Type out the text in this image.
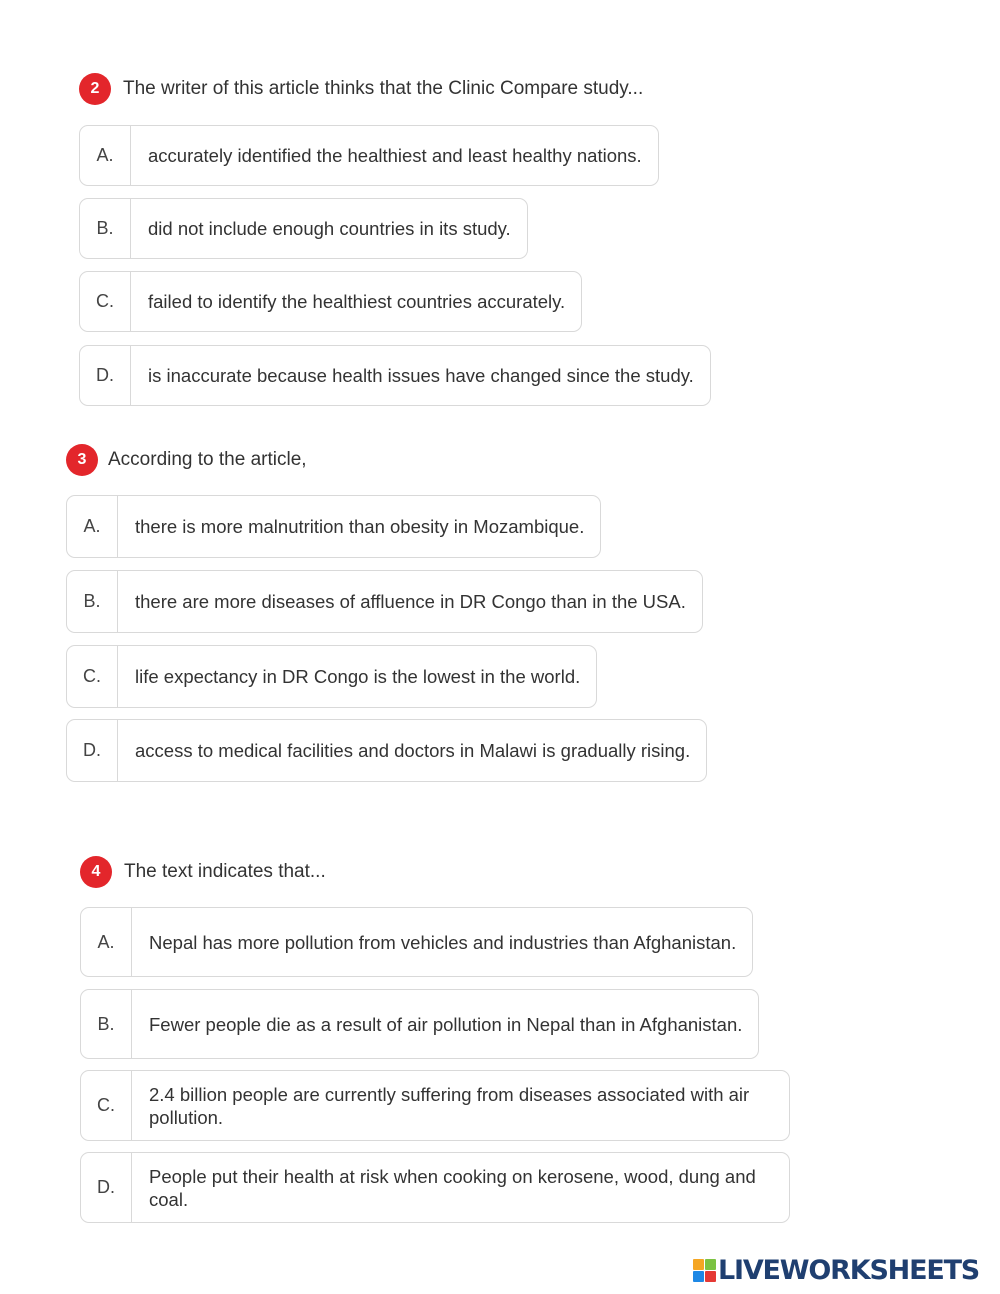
2	The writer of this article thinks that the Clinic Compare study...
A.	accurately identified the healthiest and least healthy nations.
B.	did not include enough countries in its study.
C.	failed to identify the healthiest countries accurately.
D.	is inaccurate because health issues have changed since the study.
3	According to the article,
A.	there is more malnutrition than obesity in Mozambique.
B.	there are more diseases of affluence in DR Congo than in the USA.
C.	life expectancy in DR Congo is the lowest in the world.
D.	access to medical facilities and doctors in Malawi is gradually rising.
4	The text indicates that...
A.	Nepal has more pollution from vehicles and industries than Afghanistan.
B.	Fewer people die as a result of air pollution in Nepal than in Afghanistan.
C.
2.4 billion people are currently suffering from diseases associated with air pollution.
D.
People put their health at risk when cooking on kerosene, wood, dung and coal.
LIVEWORKSHEETS
